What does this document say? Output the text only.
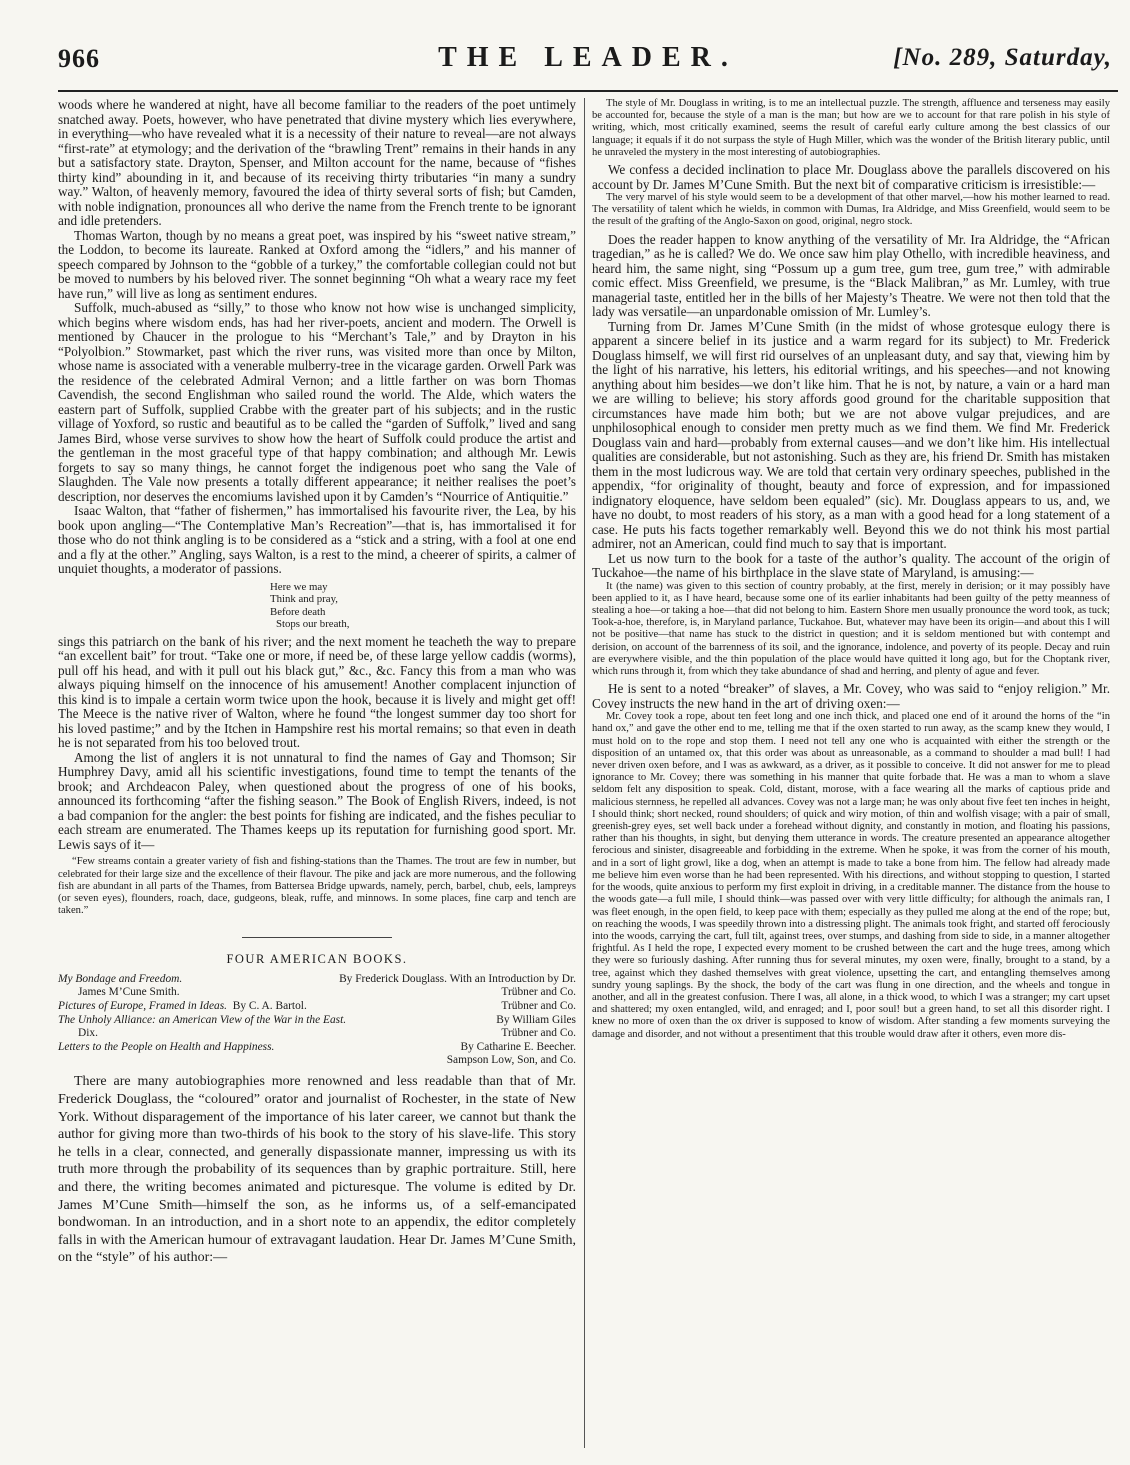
966	THE LEADER.	[No. 289, Saturday,

woods where he wandered at night, have all become familiar to the readers of the poet untimely snatched away. Poets, however, who have penetrated that divine mystery which lies everywhere, in everything—who have revealed what it is a necessity of their nature to reveal—are not always “first-rate” at etymology; and the derivation of the “brawling Trent” remains in their hands in any but a satisfactory state. Drayton, Spenser, and Milton account for the name, because of “fishes thirty kind” abounding in it, and because of its receiving thirty tributaries “in many a sundry way.” Walton, of heavenly memory, favoured the idea of thirty several sorts of fish; but Camden, with noble indignation, pronounces all who derive the name from the French trente to be ignorant and idle pretenders.

Thomas Warton, though by no means a great poet, was inspired by his “sweet native stream,” the Loddon, to become its laureate. Ranked at Oxford among the “idlers,” and his manner of speech compared by Johnson to the “gobble of a turkey,” the comfortable collegian could not but be moved to numbers by his beloved river. The sonnet beginning “Oh what a weary race my feet have run,” will live as long as sentiment endures.

Suffolk, much-abused as “silly,” to those who know not how wise is unchanged simplicity, which begins where wisdom ends, has had her river-poets, ancient and modern. The Orwell is mentioned by Chaucer in the prologue to his “Merchant’s Tale,” and by Drayton in his “Polyolbion.” Stowmarket, past which the river runs, was visited more than once by Milton, whose name is associated with a venerable mulberry-tree in the vicarage garden. Orwell Park was the residence of the celebrated Admiral Vernon; and a little farther on was born Thomas Cavendish, the second Englishman who sailed round the world. The Alde, which waters the eastern part of Suffolk, supplied Crabbe with the greater part of his subjects; and in the rustic village of Yoxford, so rustic and beautiful as to be called the “garden of Suffolk,” lived and sang James Bird, whose verse survives to show how the heart of Suffolk could produce the artist and the gentleman in the most graceful type of that happy combination; and although Mr. Lewis forgets to say so many things, he cannot forget the indigenous poet who sang the Vale of Slaughden. The Vale now presents a totally different appearance; it neither realises the poet’s description, nor deserves the encomiums lavished upon it by Camden’s “Nourrice of Antiquitie.”

Isaac Walton, that “father of fishermen,” has immortalised his favourite river, the Lea, by his book upon angling—“The Contemplative Man’s Recreation”—that is, has immortalised it for those who do not think angling is to be considered as a “stick and a string, with a fool at one end and a fly at the other.” Angling, says Walton, is a rest to the mind, a cheerer of spirits, a calmer of unquiet thoughts, a moderator of passions.

Here we may
Think and pray,
Before death
Stops our breath,

sings this patriarch on the bank of his river; and the next moment he teacheth the way to prepare “an excellent bait” for trout. “Take one or more, if need be, of these large yellow caddis (worms), pull off his head, and with it pull out his black gut,” &c., &c. Fancy this from a man who was always piquing himself on the innocence of his amusement! Another complacent injunction of this kind is to impale a certain worm twice upon the hook, because it is lively and might get off! The Meece is the native river of Walton, where he found “the longest summer day too short for his loved pastime;” and by the Itchen in Hampshire rest his mortal remains; so that even in death he is not separated from his too beloved trout.

Among the list of anglers it is not unnatural to find the names of Gay and Thomson; Sir Humphrey Davy, amid all his scientific investigations, found time to tempt the tenants of the brook; and Archdeacon Paley, when questioned about the progress of one of his books, announced its forthcoming “after the fishing season.” The Book of English Rivers, indeed, is not a bad companion for the angler: the best points for fishing are indicated, and the fishes peculiar to each stream are enumerated. The Thames keeps up its reputation for furnishing good sport. Mr. Lewis says of it—

“Few streams contain a greater variety of fish and fishing-stations than the Thames. The trout are few in number, but celebrated for their large size and the excellence of their flavour. The pike and jack are more numerous, and the following fish are abundant in all parts of the Thames, from Battersea Bridge upwards, namely, perch, barbel, chub, eels, lampreys (or seven eyes), flounders, roach, dace, gudgeons, bleak, ruffe, and minnows. In some places, fine carp and tench are taken.”

FOUR AMERICAN BOOKS.
My Bondage and Freedom.	By Frederick Douglass. With an Introduction by Dr.
James M’Cune Smith.	Trübner and Co.
Pictures of Europe, Framed in Ideas. By C. A. Bartol.	Trübner and Co.
The Unholy Alliance: an American View of the War in the East.	By William Giles
Dix.	Trübner and Co.
Letters to the People on Health and Happiness.	By Catharine E. Beecher.
Sampson Low, Son, and Co.

There are many autobiographies more renowned and less readable than that of Mr. Frederick Douglass, the “coloured” orator and journalist of Rochester, in the state of New York. Without disparagement of the importance of his later career, we cannot but thank the author for giving more than two-thirds of his book to the story of his slave-life. This story he tells in a clear, connected, and generally dispassionate manner, impressing us with its truth more through the probability of its sequences than by graphic portraiture. Still, here and there, the writing becomes animated and picturesque. The volume is edited by Dr. James M’Cune Smith—himself the son, as he informs us, of a self-emancipated bondwoman. In an introduction, and in a short note to an appendix, the editor completely falls in with the American humour of extravagant laudation. Hear Dr. James M’Cune Smith, on the “style” of his author:—

The style of Mr. Douglass in writing, is to me an intellectual puzzle. The strength, affluence and terseness may easily be accounted for, because the style of a man is the man; but how are we to account for that rare polish in his style of writing, which, most critically examined, seems the result of careful early culture among the best classics of our language; it equals if it do not surpass the style of Hugh Miller, which was the wonder of the British literary public, until he unraveled the mystery in the most interesting of autobiographies.

We confess a decided inclination to place Mr. Douglass above the parallels discovered on his account by Dr. James M’Cune Smith. But the next bit of comparative criticism is irresistible:—

The very marvel of his style would seem to be a development of that other marvel,—how his mother learned to read. The versatility of talent which he wields, in common with Dumas, Ira Aldridge, and Miss Greenfield, would seem to be the result of the grafting of the Anglo-Saxon on good, original, negro stock.

Does the reader happen to know anything of the versatility of Mr. Ira Aldridge, the “African tragedian,” as he is called? We do. We once saw him play Othello, with incredible heaviness, and heard him, the same night, sing “Possum up a gum tree, gum tree, gum tree,” with admirable comic effect. Miss Greenfield, we presume, is the “Black Malibran,” as Mr. Lumley, with true managerial taste, entitled her in the bills of her Majesty’s Theatre. We were not then told that the lady was versatile—an unpardonable omission of Mr. Lumley’s.

Turning from Dr. James M’Cune Smith (in the midst of whose grotesque eulogy there is apparent a sincere belief in its justice and a warm regard for its subject) to Mr. Frederick Douglass himself, we will first rid ourselves of an unpleasant duty, and say that, viewing him by the light of his narrative, his letters, his editorial writings, and his speeches—and not knowing anything about him besides—we don’t like him. That he is not, by nature, a vain or a hard man we are willing to believe; his story affords good ground for the charitable supposition that circumstances have made him both; but we are not above vulgar prejudices, and are unphilosophical enough to consider men pretty much as we find them. We find Mr. Frederick Douglass vain and hard—probably from external causes—and we don’t like him. His intellectual qualities are considerable, but not astonishing. Such as they are, his friend Dr. Smith has mistaken them in the most ludicrous way. We are told that certain very ordinary speeches, published in the appendix, “for originality of thought, beauty and force of expression, and for impassioned indignatory eloquence, have seldom been equaled” (sic). Mr. Douglass appears to us, and, we have no doubt, to most readers of his story, as a man with a good head for a long statement of a case. He puts his facts together remarkably well. Beyond this we do not think his most partial admirer, not an American, could find much to say that is important.

Let us now turn to the book for a taste of the author’s quality. The account of the origin of Tuckahoe—the name of his birthplace in the slave state of Maryland, is amusing:—

It (the name) was given to this section of country probably, at the first, merely in derision; or it may possibly have been applied to it, as I have heard, because some one of its earlier inhabitants had been guilty of the petty meanness of stealing a hoe—or taking a hoe—that did not belong to him. Eastern Shore men usually pronounce the word took, as tuck; Took-a-hoe, therefore, is, in Maryland parlance, Tuckahoe. But, whatever may have been its origin—and about this I will not be positive—that name has stuck to the district in question; and it is seldom mentioned but with contempt and derision, on account of the barrenness of its soil, and the ignorance, indolence, and poverty of its people. Decay and ruin are everywhere visible, and the thin population of the place would have quitted it long ago, but for the Choptank river, which runs through it, from which they take abundance of shad and herring, and plenty of ague and fever.

He is sent to a noted “breaker” of slaves, a Mr. Covey, who was said to “enjoy religion.” Mr. Covey instructs the new hand in the art of driving oxen:—

Mr. Covey took a rope, about ten feet long and one inch thick, and placed one end of it around the horns of the “in hand ox,” and gave the other end to me, telling me that if the oxen started to run away, as the scamp knew they would, I must hold on to the rope and stop them. I need not tell any one who is acquainted with either the strength or the disposition of an untamed ox, that this order was about as unreasonable, as a command to shoulder a mad bull! I had never driven oxen before, and I was as awkward, as a driver, as it possible to conceive. It did not answer for me to plead ignorance to Mr. Covey; there was something in his manner that quite forbade that. He was a man to whom a slave seldom felt any disposition to speak. Cold, distant, morose, with a face wearing all the marks of captious pride and malicious sternness, he repelled all advances. Covey was not a large man; he was only about five feet ten inches in height, I should think; short necked, round shoulders; of quick and wiry motion, of thin and wolfish visage; with a pair of small, greenish-grey eyes, set well back under a forehead without dignity, and constantly in motion, and floating his passions, rather than his thoughts, in sight, but denying them utterance in words. The creature presented an appearance altogether ferocious and sinister, disagreeable and forbidding in the extreme. When he spoke, it was from the corner of his mouth, and in a sort of light growl, like a dog, when an attempt is made to take a bone from him. The fellow had already made me believe him even worse than he had been represented. With his directions, and without stopping to question, I started for the woods, quite anxious to perform my first exploit in driving, in a creditable manner. The distance from the house to the woods gate—a full mile, I should think—was passed over with very little difficulty; for although the animals ran, I was fleet enough, in the open field, to keep pace with them; especially as they pulled me along at the end of the rope; but, on reaching the woods, I was speedily thrown into a distressing plight. The animals took fright, and started off ferociously into the woods, carrying the cart, full tilt, against trees, over stumps, and dashing from side to side, in a manner altogether frightful. As I held the rope, I expected every moment to be crushed between the cart and the huge trees, among which they were so furiously dashing. After running thus for several minutes, my oxen were, finally, brought to a stand, by a tree, against which they dashed themselves with great violence, upsetting the cart, and entangling themselves among sundry young saplings. By the shock, the body of the cart was flung in one direction, and the wheels and tongue in another, and all in the greatest confusion. There I was, all alone, in a thick wood, to which I was a stranger; my cart upset and shattered; my oxen entangled, wild, and enraged; and I, poor soul! but a green hand, to set all this disorder right. I knew no more of oxen than the ox driver is supposed to know of wisdom. After standing a few moments surveying the damage and disorder, and not without a presentiment that this trouble would draw after it others, even more dis-
